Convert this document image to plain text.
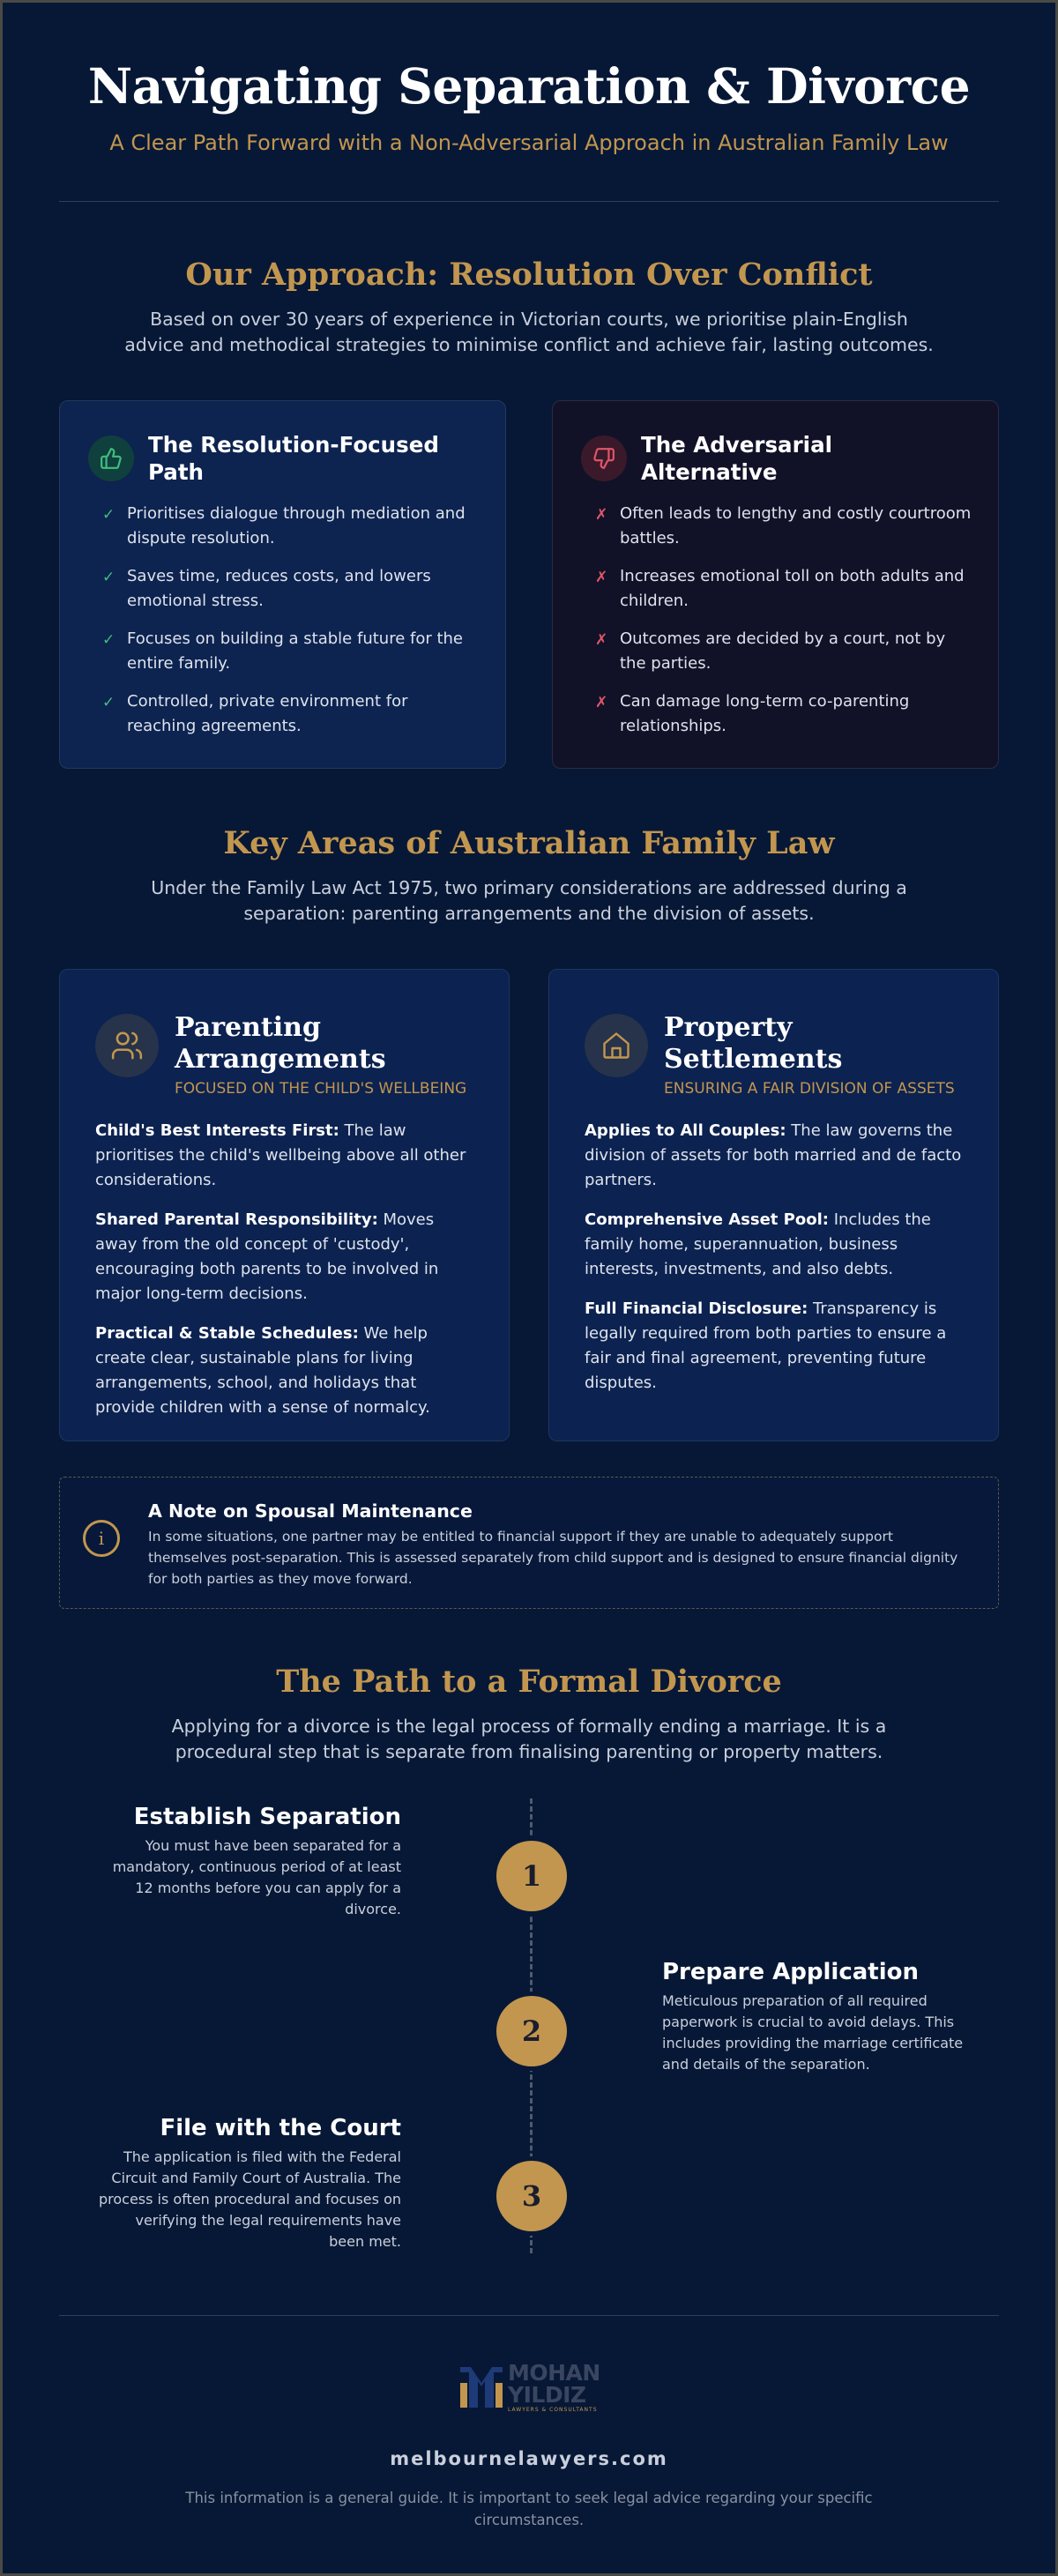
Navigating Separation & Divorce
A Clear Path Forward with a Non-Adversarial Approach in Australian Family Law
Our Approach: Resolution Over Conflict

Based on over 30 years of experience in Victorian courts, we prioritise plain-English advice and methodical strategies to minimise conflict and achieve fair, lasting outcomes.

The Resolution-Focused Path
✓ Prioritises dialogue through mediation and dispute resolution.
✓ Saves time, reduces costs, and lowers emotional stress.
✓ Focuses on building a stable future for the entire family.
✓ Controlled, private environment for reaching agreements.
The Adversarial Alternative
✗ Often leads to lengthy and costly courtroom battles.
✗ Increases emotional toll on both adults and children.
✗ Outcomes are decided by a court, not by the parties.
✗ Can damage long-term co-parenting relationships.
Key Areas of Australian Family Law

Under the Family Law Act 1975, two primary considerations are addressed during a separation: parenting arrangements and the division of assets.

Parenting Arrangements
FOCUSED ON THE CHILD'S WELLBEING

Child's Best Interests First: The law prioritises the child's wellbeing above all other considerations.

Shared Parental Responsibility: Moves away from the old concept of 'custody', encouraging both parents to be involved in major long-term decisions.

Practical & Stable Schedules: We help create clear, sustainable plans for living arrangements, school, and holidays that provide children with a sense of normalcy.

Property Settlements
ENSURING A FAIR DIVISION OF ASSETS

Applies to All Couples: The law governs the division of assets for both married and de facto partners.

Comprehensive Asset Pool: Includes the family home, superannuation, business interests, investments, and also debts.

Full Financial Disclosure: Transparency is legally required from both parties to ensure a fair and final agreement, preventing future disputes.

i
A Note on Spousal Maintenance
In some situations, one partner may be entitled to financial support if they are unable to adequately support themselves post-separation. This is assessed separately from child support and is designed to ensure financial dignity for both parties as they move forward.
The Path to a Formal Divorce

Applying for a divorce is the legal process of formally ending a marriage. It is a procedural step that is separate from finalising parenting or property matters.

Establish Separation
You must have been separated for a mandatory, continuous period of at least 12 months before you can apply for a divorce.
1
2
Prepare Application
Meticulous preparation of all required paperwork is crucial to avoid delays. This includes providing the marriage certificate and details of the separation.
File with the Court
The application is filed with the Federal Circuit and Family Court of Australia. The process is often procedural and focuses on verifying the legal requirements have been met.
3
MOHAN
YILDIZ
LAWYERS & CONSULTANTS
melbournelawyers.com

This information is a general guide. It is important to seek legal advice regarding your specific circumstances.
